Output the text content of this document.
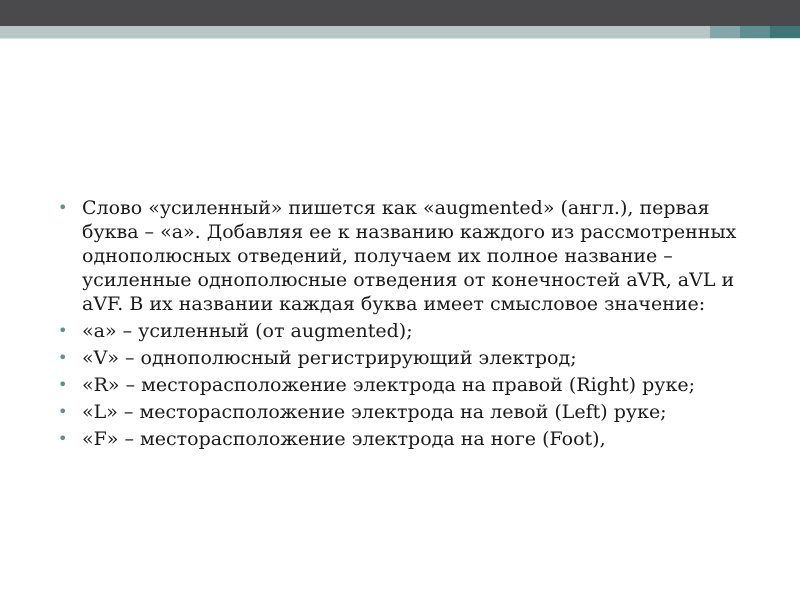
• Слово «усиленный» пишется как «augmented» (англ.), первая буква – «а». Добавляя ее к названию каждого из рассмотренных однополюсных отведений, получаем их полное название – усиленные однополюсные отведения от конечностей aVR, aVL и aVF. В их названии каждая буква имеет смысловое значение:
• «а» – усиленный (от augmented);
• «V» – однополюсный регистрирующий электрод;
• «R» – месторасположение электрода на правой (Right) руке;
• «L» – месторасположение электрода на левой (Left) руке;
• «F» – месторасположение электрода на ноге (Foot),
